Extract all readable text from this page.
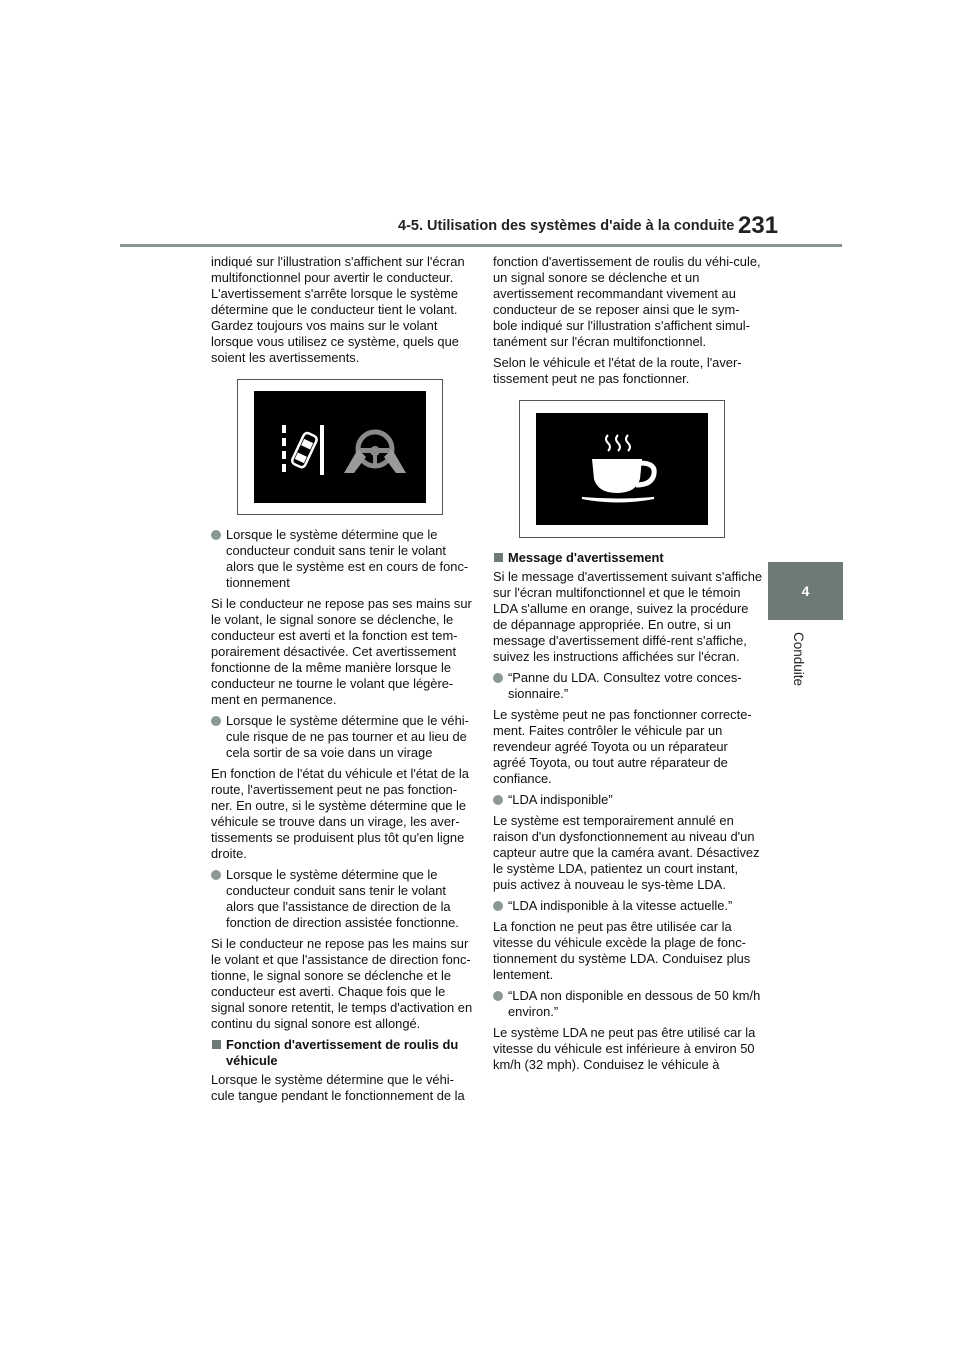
4-5. Utilisation des systèmes d'aide à la conduite 231
4
Conduite

indiqué sur l'illustration s'affichent sur l'écran multifonctionnel pour avertir le conducteur. L'avertissement s'arrête lorsque le système détermine que le conducteur tient le volant. Gardez toujours vos mains sur le volant lorsque vous utilisez ce système, quels que soient les avertissements.

Lorsque le système détermine que le conducteur conduit sans tenir le volant alors que le système est en cours de fonc-tionnement

Si le conducteur ne repose pas ses mains sur le volant, le signal sonore se déclenche, le conducteur est averti et la fonction est tem-porairement désactivée. Cet avertissement fonctionne de la même manière lorsque le conducteur ne tourne le volant que légère-ment en permanence.

Lorsque le système détermine que le véhi-cule risque de ne pas tourner et au lieu de cela sortir de sa voie dans un virage

En fonction de l'état du véhicule et l'état de la route, l'avertissement peut ne pas fonction-ner. En outre, si le système détermine que le véhicule se trouve dans un virage, les aver-tissements se produisent plus tôt qu'en ligne droite.

Lorsque le système détermine que le conducteur conduit sans tenir le volant alors que l'assistance de direction de la fonction de direction assistée fonctionne.

Si le conducteur ne repose pas les mains sur le volant et que l'assistance de direction fonc-tionne, le signal sonore se déclenche et le conducteur est averti. Chaque fois que le signal sonore retentit, le temps d'activation en continu du signal sonore est allongé.

Fonction d'avertissement de roulis du véhicule

Lorsque le système détermine que le véhi-cule tangue pendant le fonctionnement de la

fonction d'avertissement de roulis du véhi-cule, un signal sonore se déclenche et un avertissement recommandant vivement au conducteur de se reposer ainsi que le sym-bole indiqué sur l'illustration s'affichent simul-tanément sur l'écran multifonctionnel.

Selon le véhicule et l'état de la route, l'aver-tissement peut ne pas fonctionner.

Message d'avertissement

Si le message d'avertissement suivant s'affiche sur l'écran multifonctionnel et que le témoin LDA s'allume en orange, suivez la procédure de dépannage appropriée. En outre, si un message d'avertissement diffé-rent s'affiche, suivez les instructions affichées sur l'écran.

“Panne du LDA. Consultez votre conces-sionnaire.”

Le système peut ne pas fonctionner correcte-ment. Faites contrôler le véhicule par un revendeur agréé Toyota ou un réparateur agréé Toyota, ou tout autre réparateur de confiance.

“LDA indisponible”

Le système est temporairement annulé en raison d'un dysfonctionnement au niveau d'un capteur autre que la caméra avant. Désactivez le système LDA, patientez un court instant, puis activez à nouveau le sys-tème LDA.

“LDA indisponible à la vitesse actuelle.”

La fonction ne peut pas être utilisée car la vitesse du véhicule excède la plage de fonc-tionnement du système LDA. Conduisez plus lentement.

“LDA non disponible en dessous de 50 km/h environ.”

Le système LDA ne peut pas être utilisé car la vitesse du véhicule est inférieure à environ 50 km/h (32 mph). Conduisez le véhicule à
